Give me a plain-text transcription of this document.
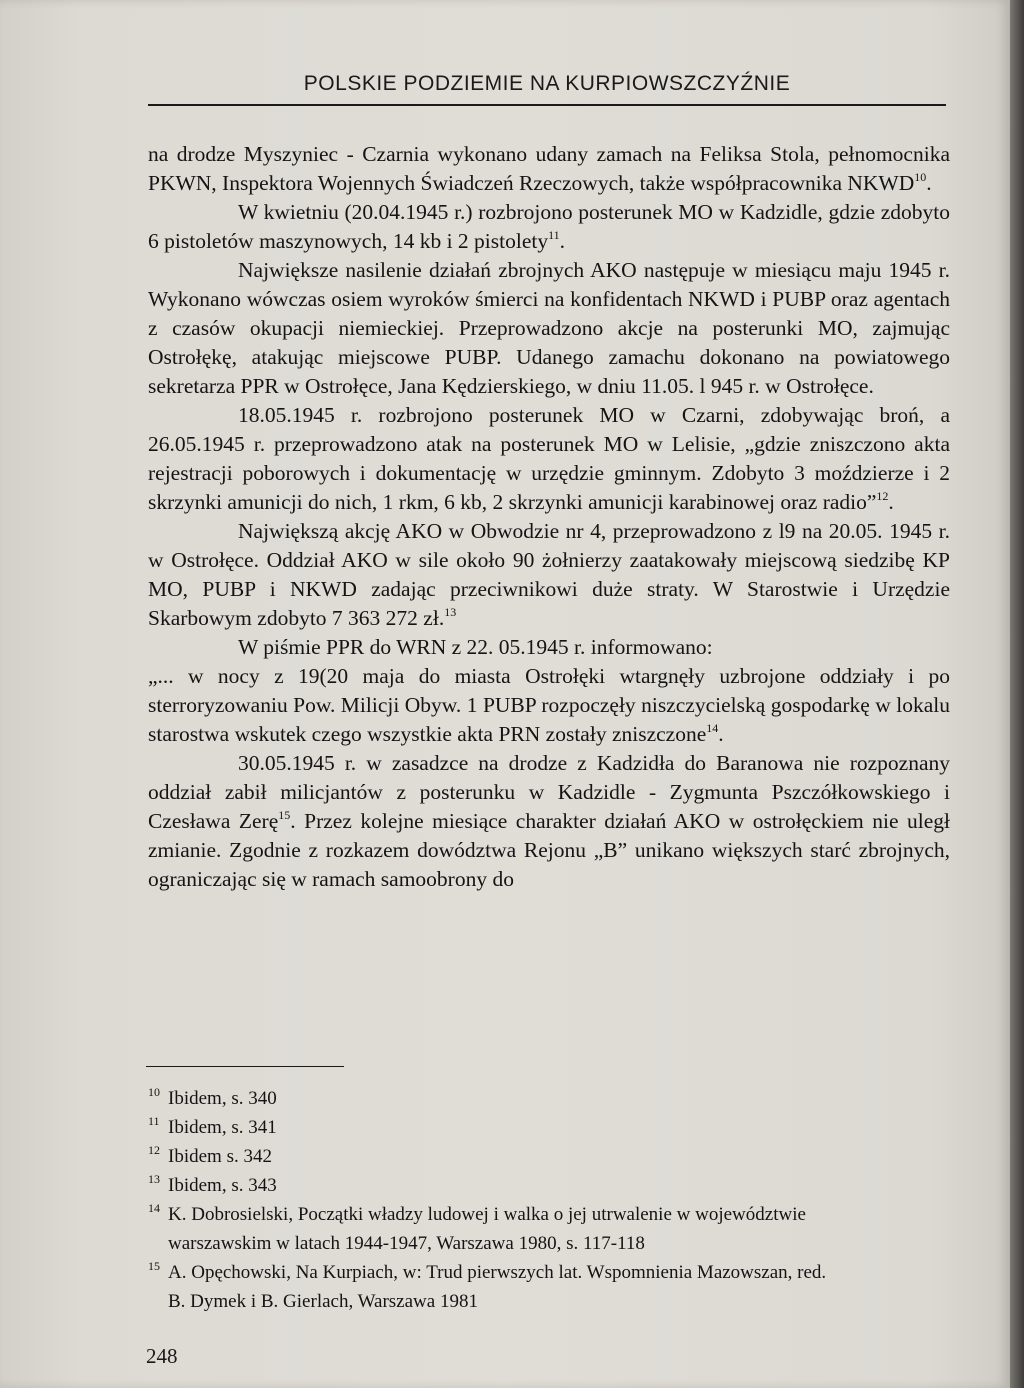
POLSKIE PODZIEMIE NA KURPIOWSZCZYŹNIE

na drodze Myszyniec - Czarnia wykonano udany zamach na Feliksa Stola, pełnomocnika PKWN, Inspektora Wojennych Świadczeń Rzeczowych, także współpracownika NKWD$^{10}$.

W kwietniu (20.04.1945 r.) rozbrojono posterunek MO w Kadzidle, gdzie zdobyto 6 pistoletów maszynowych, 14 kb i 2 pistolety$^{11}$.

Największe nasilenie działań zbrojnych AKO następuje w miesiącu maju 1945 r. Wykonano wówczas osiem wyroków śmierci na konfidentach NKWD i PUBP oraz agentach z czasów okupacji niemieckiej. Przeprowadzono akcje na posterunki MO, zajmując Ostrołękę, atakując miejscowe PUBP. Udanego zamachu dokonano na powiatowego sekretarza PPR w Ostrołęce, Jana Kędzierskiego, w dniu 11.05. l 945 r. w Ostrołęce.

18.05.1945 r. rozbrojono posterunek MO w Czarni, zdobywając broń, a 26.05.1945 r. przeprowadzono atak na posterunek MO w Lelisie, „gdzie zniszczono akta rejestracji poborowych i dokumentację w urzędzie gminnym. Zdobyto 3 moździerze i 2 skrzynki amunicji do nich, 1 rkm, 6 kb, 2 skrzynki amunicji karabinowej oraz radio”$^{12}$.

Największą akcję AKO w Obwodzie nr 4, przeprowadzono z l9 na 20.05. 1945 r. w Ostrołęce. Oddział AKO w sile około 90 żołnierzy zaatakowały miejscową siedzibę KP MO, PUBP i NKWD zadając przeciwnikowi duże straty. W Starostwie i Urzędzie Skarbowym zdobyto 7 363 272 zł.$^{13}$

W piśmie PPR do WRN z 22. 05.1945 r. informowano:

„... w nocy z 19(20 maja do miasta Ostrołęki wtargnęły uzbrojone oddziały i po sterroryzowaniu Pow. Milicji Obyw. 1 PUBP rozpoczęły niszczycielską gospodarkę w lokalu starostwa wskutek czego wszystkie akta PRN zostały zniszczone$^{14}$.

30.05.1945 r. w zasadzce na drodze z Kadzidła do Baranowa nie rozpoznany oddział zabił milicjantów z posterunku w Kadzidle - Zygmunta Pszczółkowskiego i Czesława Zerę$^{15}$. Przez kolejne miesiące charakter działań AKO w ostrołęckiem nie uległ zmianie. Zgodnie z rozkazem dowództwa Rejonu „B” unikano większych starć zbrojnych, ograniczając się w ramach samoobrony do

10 Ibidem, s. 340
11 Ibidem, s. 341
12 Ibidem s. 342
13 Ibidem, s. 343
14 K. Dobrosielski, Początki władzy ludowej i walka o jej utrwalenie w województwie
warszawskim w latach 1944-1947, Warszawa 1980, s. 117-118
15 A. Opęchowski, Na Kurpiach, w: Trud pierwszych lat. Wspomnienia Mazowszan, red.
B. Dymek i B. Gierlach, Warszawa 1981
248
